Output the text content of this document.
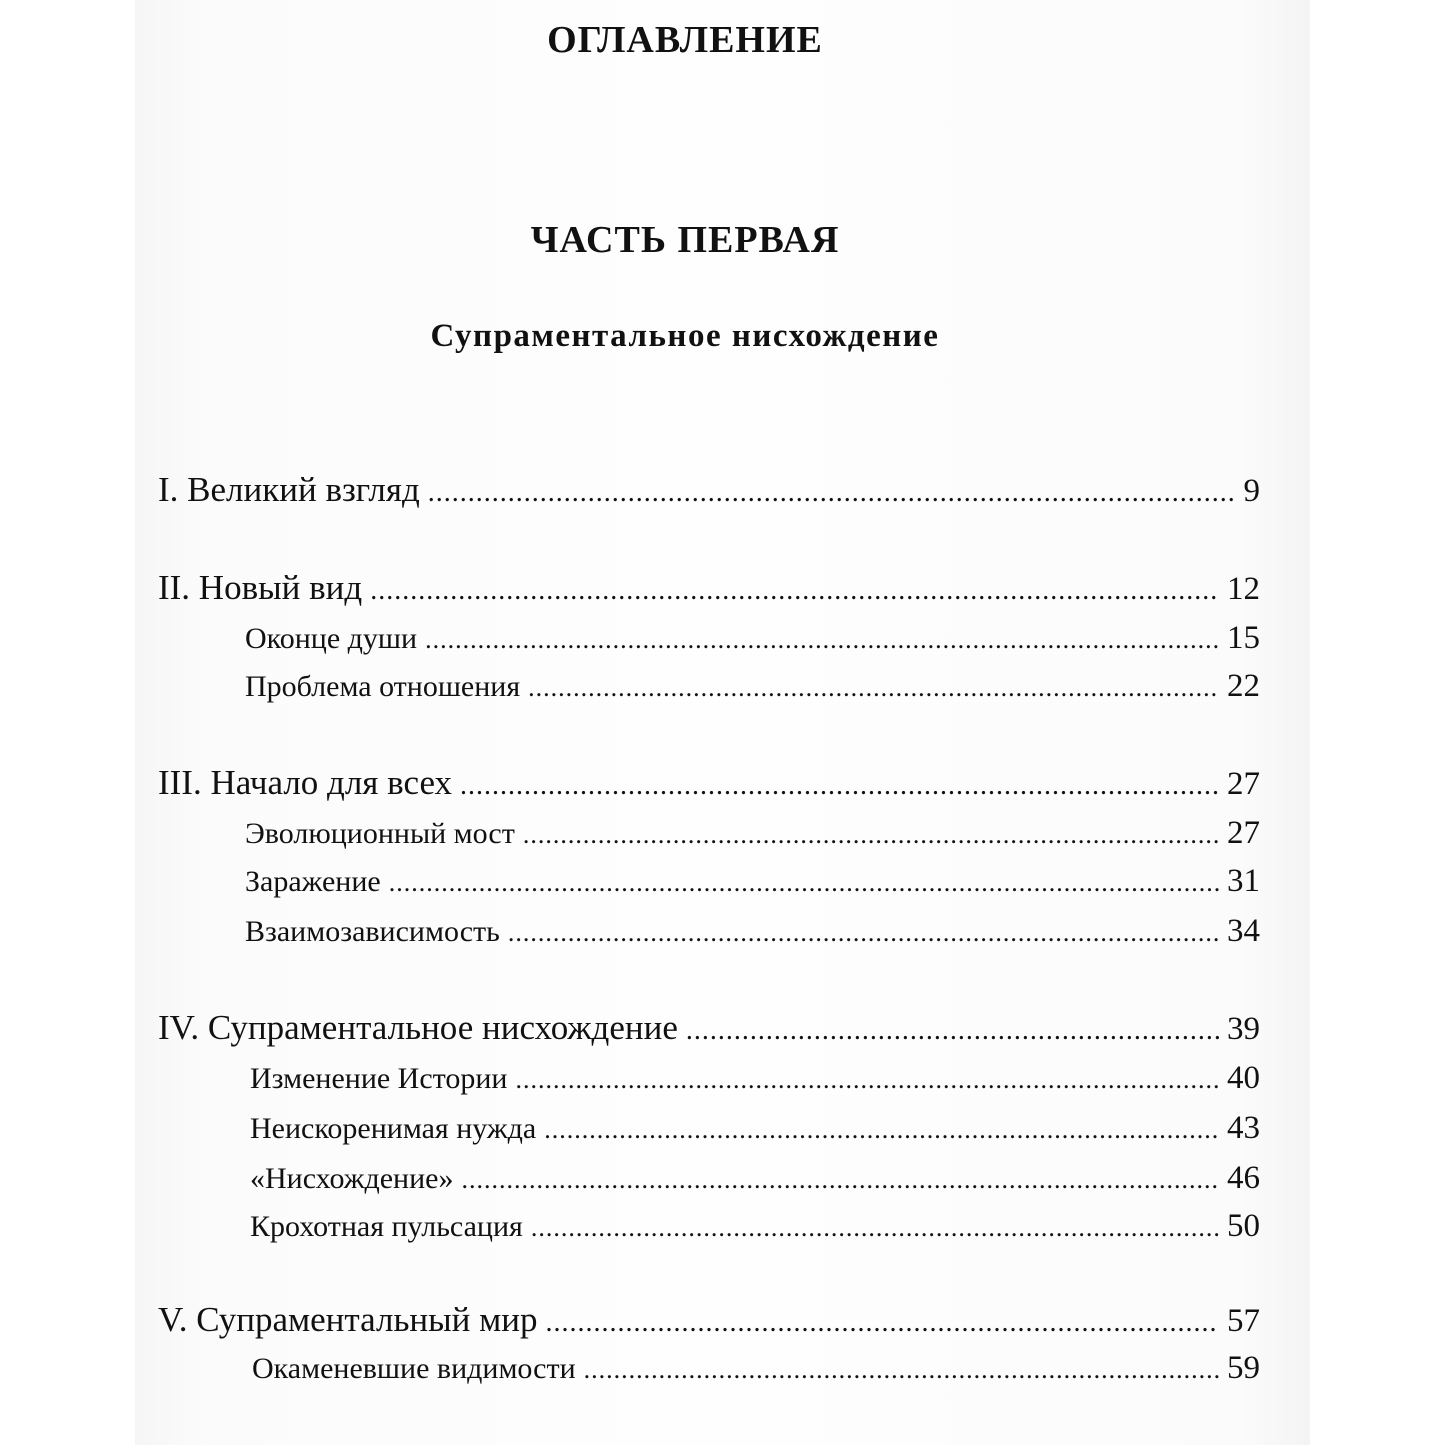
ОГЛАВЛЕНИЕ
ЧАСТЬ ПЕРВАЯ
Супраментальное нисхождение
I. Великий взгляд .....	9
II. Новый вид .....	12
Оконце души .....	15
Проблема отношения .....	22
III. Начало для всех .....	27
Эволюционный мост .....	27
Заражение .....	31
Взаимозависимость .....	34
IV. Супраментальное нисхождение .....	39
Изменение Истории .....	40
Неискоренимая нужда .....	43
«Нисхождение» .....	46
Крохотная пульсация .....	50
V. Супраментальный мир .....	57
Окаменевшие видимости .....	59
